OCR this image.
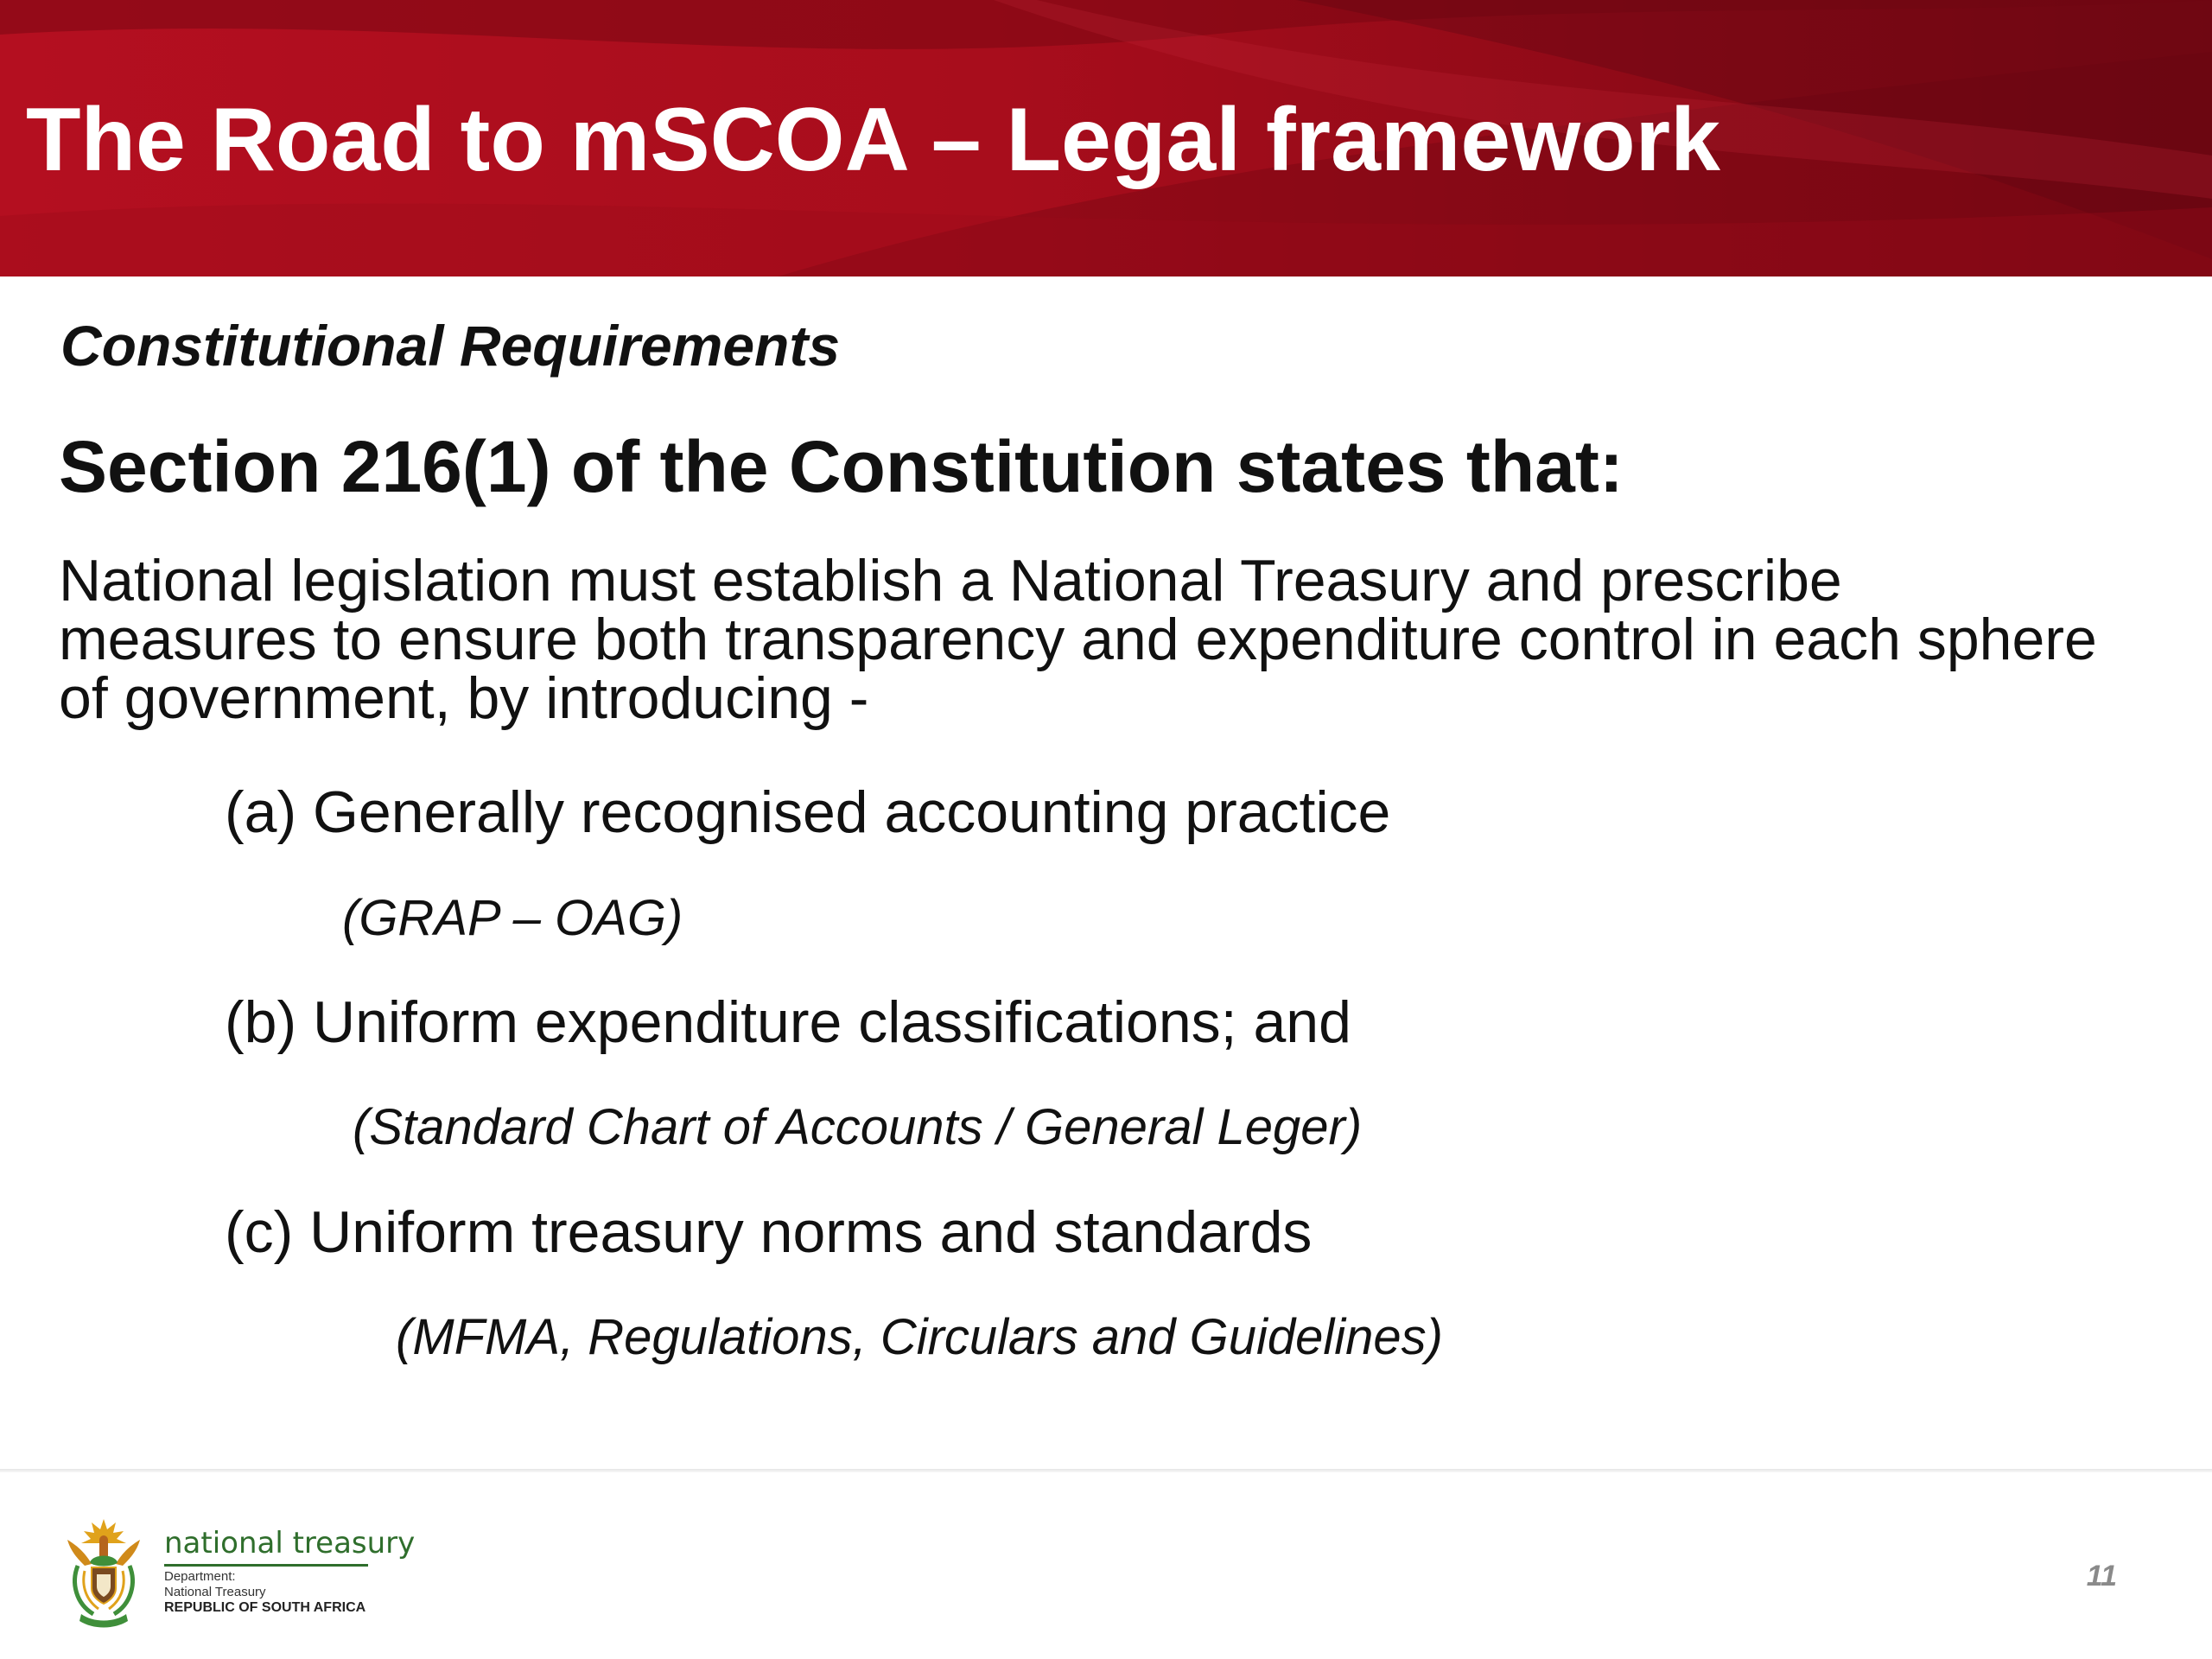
The Road to mSCOA – Legal framework

Constitutional Requirements

Section 216(1) of the Constitution states that:

National legislation must establish a National Treasury and prescribe measures to ensure both transparency and expenditure control in each sphere of government, by introducing -

(a) Generally recognised accounting practice

(GRAP – OAG)

(b) Uniform expenditure classifications; and

(Standard Chart of Accounts / General Leger)

(c) Uniform treasury norms and standards

(MFMA, Regulations, Circulars and Guidelines)

national treasury

Department:

National Treasury

REPUBLIC OF SOUTH AFRICA

11
